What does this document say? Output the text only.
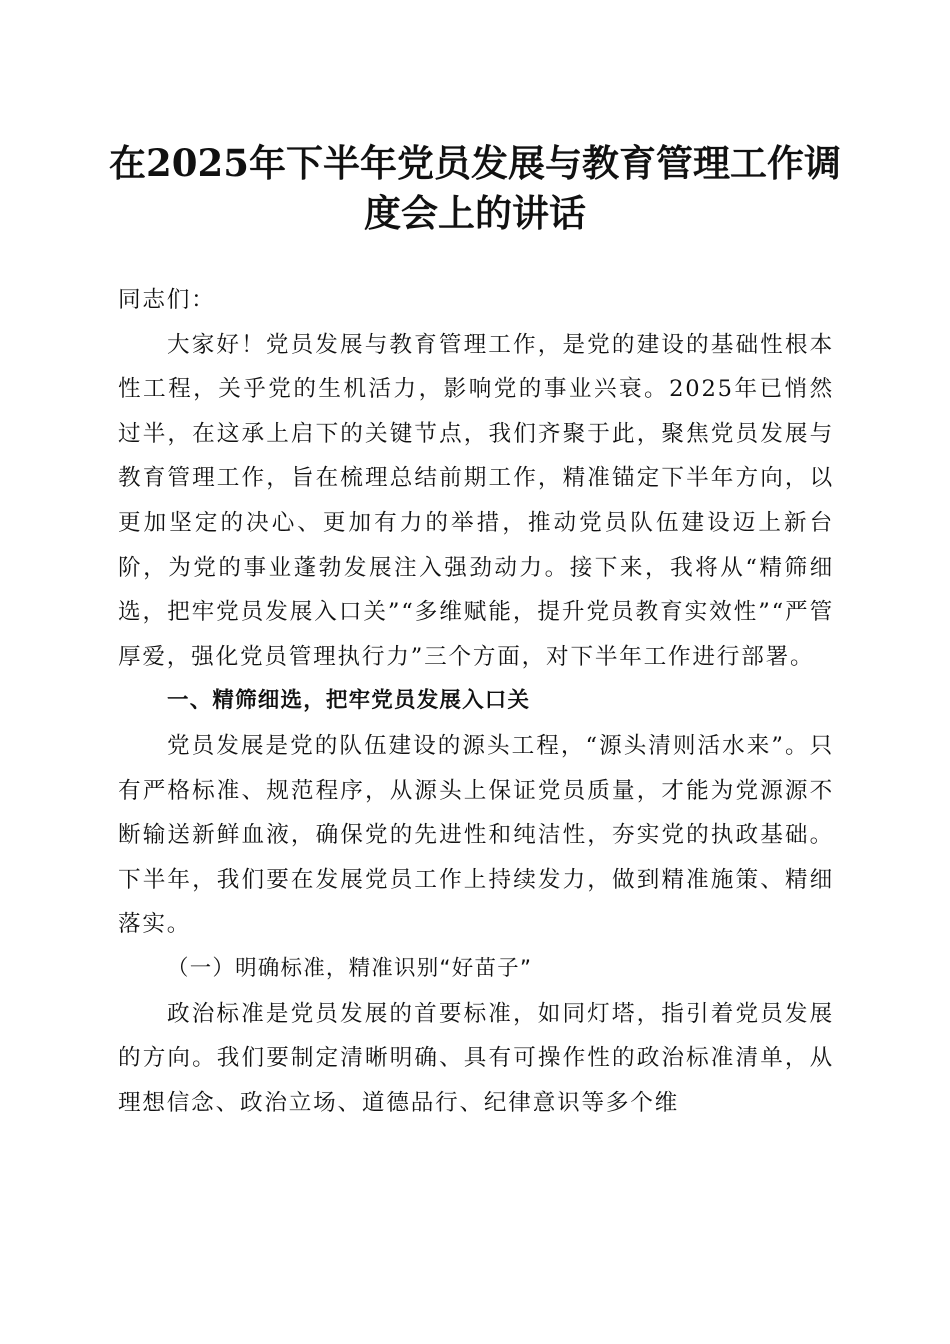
在2025年下半年党员发展与教育管理工作调
度会上的讲话

同志们：

大家好！党员发展与教育管理工作，是党的建设的基础性根本性工程，关乎党的生机活力，影响党的事业兴衰。2025年已悄然过半，在这承上启下的关键节点，我们齐聚于此，聚焦党员发展与教育管理工作，旨在梳理总结前期工作，精准锚定下半年方向，以更加坚定的决心、更加有力的举措，推动党员队伍建设迈上新台阶，为党的事业蓬勃发展注入强劲动力。接下来，我将从“精筛细选，把牢党员发展入口关”“多维赋能，提升党员教育实效性”“严管厚爱，强化党员管理执行力”三个方面，对下半年工作进行部署。

一、精筛细选，把牢党员发展入口关

党员发展是党的队伍建设的源头工程，“源头清则活水来”。只有严格标准、规范程序，从源头上保证党员质量，才能为党源源不断输送新鲜血液，确保党的先进性和纯洁性，夯实党的执政基础。下半年，我们要在发展党员工作上持续发力，做到精准施策、精细落实。

（一）明确标准，精准识别“好苗子”

政治标准是党员发展的首要标准，如同灯塔，指引着党员发展的方向。我们要制定清晰明确、具有可操作性的政治标准清单，从理想信念、政治立场、道德品行、纪律意识等多个维
